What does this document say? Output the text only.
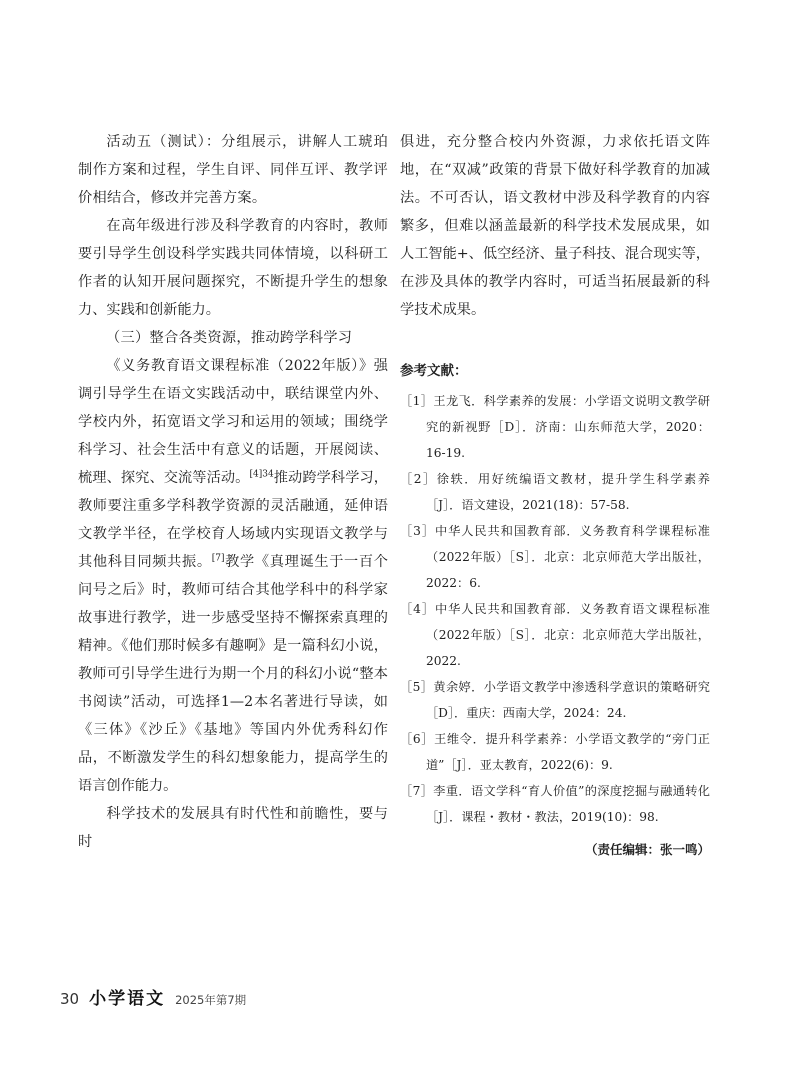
活动五（测试）：分组展示，讲解人工琥珀制作方案和过程，学生自评、同伴互评、教学评价相结合，修改并完善方案。

在高年级进行涉及科学教育的内容时，教师要引导学生创设科学实践共同体情境，以科研工作者的认知开展问题探究，不断提升学生的想象力、实践和创新能力。

（三）整合各类资源，推动跨学科学习

《义务教育语文课程标准（2022年版）》强调引导学生在语文实践活动中，联结课堂内外、学校内外，拓宽语文学习和运用的领域；围绕学科学习、社会生活中有意义的话题，开展阅读、梳理、探究、交流等活动。$^{[4]34}$推动跨学科学习，教师要注重多学科教学资源的灵活融通，延伸语文教学半径，在学校育人场域内实现语文教学与其他科目同频共振。[7]教学《真理诞生于一百个问号之后》时，教师可结合其他学科中的科学家故事进行教学，进一步感受坚持不懈探索真理的精神。《他们那时候多有趣啊》是一篇科幻小说，教师可引导学生进行为期一个月的科幻小说“整本书阅读”活动，可选择1—2本名著进行导读，如《三体》《沙丘》《基地》等国内外优秀科幻作品，不断激发学生的科幻想象能力，提高学生的语言创作能力。

科学技术的发展具有时代性和前瞻性，要与时

俱进，充分整合校内外资源，力求依托语文阵地，在“双减”政策的背景下做好科学教育的加减法。不可否认，语文教材中涉及科学教育的内容繁多，但难以涵盖最新的科学技术发展成果，如人工智能+、低空经济、量子科技、混合现实等，在涉及具体的教学内容时，可适当拓展最新的科学技术成果。

参考文献：

［1］王龙飞．科学素养的发展：小学语文说明文教学研究的新视野［D］．济南：山东师范大学，2020：16-19.

［2］徐轶．用好统编语文教材，提升学生科学素养［J］．语文建设，2021(18)：57-58.

［3］中华人民共和国教育部．义务教育科学课程标准（2022年版）［S］．北京：北京师范大学出版社，2022：6.

［4］中华人民共和国教育部．义务教育语文课程标准（2022年版）［S］．北京：北京师范大学出版社，2022.

［5］黄余婷．小学语文教学中渗透科学意识的策略研究［D］．重庆：西南大学，2024：24.

［6］王维令．提升科学素养：小学语文教学的“旁门正道”［J］．亚太教育，2022(6)：9.

［7］李重．语文学科“育人价值”的深度挖掘与融通转化［J］．课程・教材・教法，2019(10)：98.

（责任编辑：张一鸣）
30 小学语文 2025年第7期
